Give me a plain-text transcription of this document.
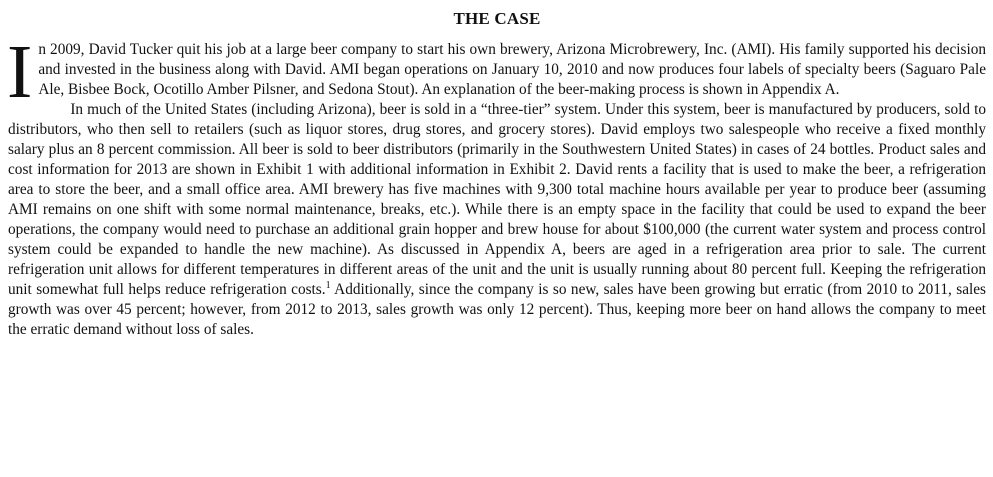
THE CASE

In 2009, David Tucker quit his job at a large beer company to start his own brewery, Arizona Microbrewery, Inc. (AMI). His family supported his decision and invested in the business along with David. AMI began operations on January 10, 2010 and now produces four labels of specialty beers (Saguaro Pale Ale, Bisbee Bock, Ocotillo Amber Pilsner, and Sedona Stout). An explanation of the beer-making process is shown in Appendix A.

In much of the United States (including Arizona), beer is sold in a “three-tier” system. Under this system, beer is manufactured by producers, sold to distributors, who then sell to retailers (such as liquor stores, drug stores, and grocery stores). David employs two salespeople who receive a fixed monthly salary plus an 8 percent commission. All beer is sold to beer distributors (primarily in the Southwestern United States) in cases of 24 bottles. Product sales and cost information for 2013 are shown in Exhibit 1 with additional information in Exhibit 2. David rents a facility that is used to make the beer, a refrigeration area to store the beer, and a small office area. AMI brewery has five machines with 9,300 total machine hours available per year to produce beer (assuming AMI remains on one shift with some normal maintenance, breaks, etc.). While there is an empty space in the facility that could be used to expand the beer operations, the company would need to purchase an additional grain hopper and brew house for about $100,000 (the current water system and process control system could be expanded to handle the new machine). As discussed in Appendix A, beers are aged in a refrigeration area prior to sale. The current refrigeration unit allows for different temperatures in different areas of the unit and the unit is usually running about 80 percent full. Keeping the refrigeration unit somewhat full helps reduce refrigeration costs.$^1$ Additionally, since the company is so new, sales have been growing but erratic (from 2010 to 2011, sales growth was over 45 percent; however, from 2012 to 2013, sales growth was only 12 percent). Thus, keeping more beer on hand allows the company to meet the erratic demand without loss of sales.
